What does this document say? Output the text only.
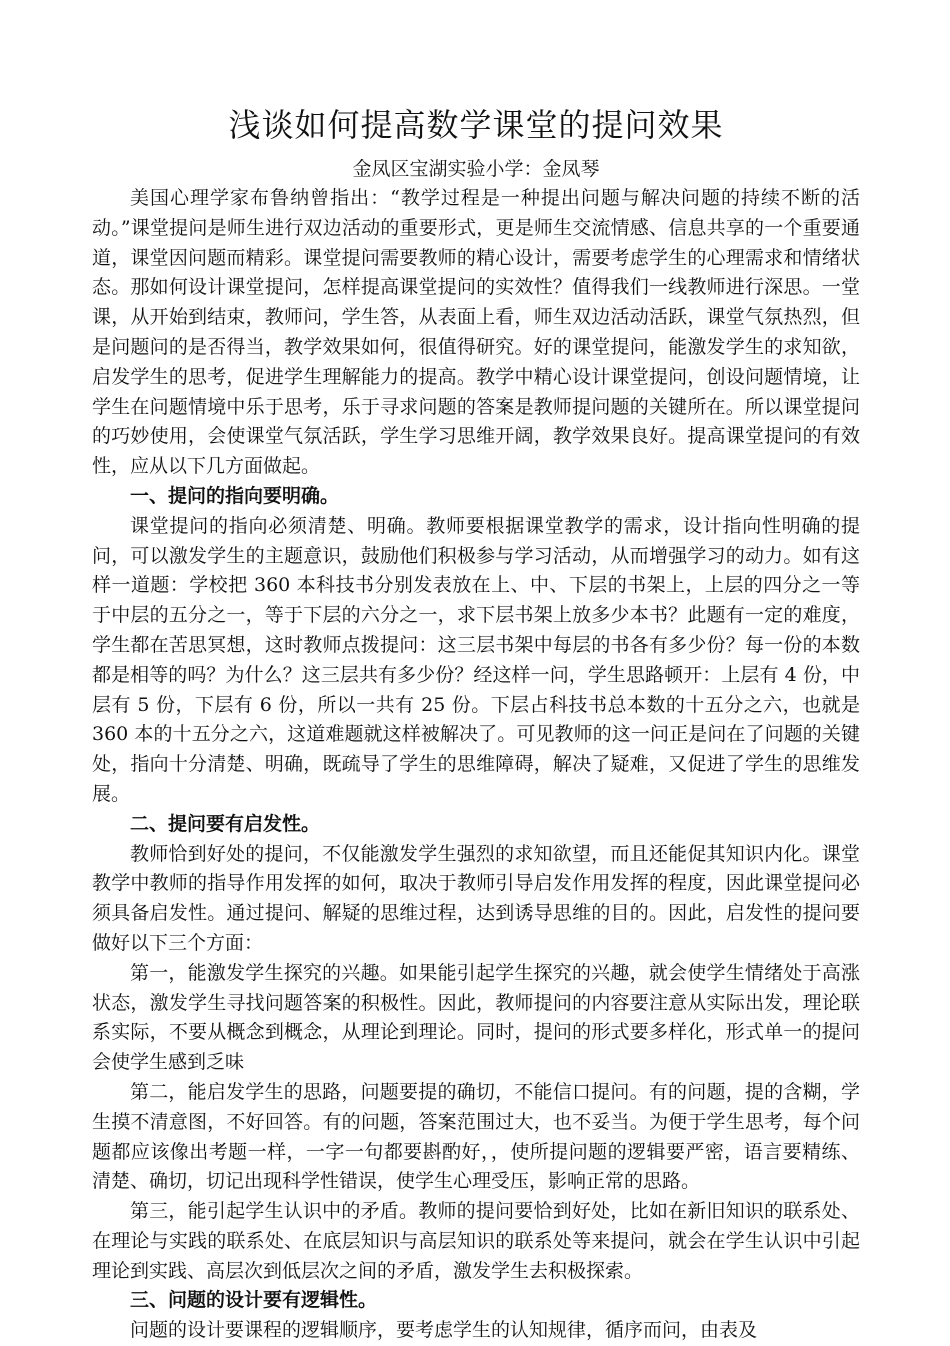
浅谈如何提高数学课堂的提问效果

金凤区宝湖实验小学：金凤琴

美国心理学家布鲁纳曾指出：“教学过程是一种提出问题与解决问题的持续不断的活动。”课堂提问是师生进行双边活动的重要形式，更是师生交流情感、信息共享的一个重要通道，课堂因问题而精彩。课堂提问需要教师的精心设计，需要考虑学生的心理需求和情绪状态。那如何设计课堂提问，怎样提高课堂提问的实效性？值得我们一线教师进行深思。一堂课，从开始到结束，教师问，学生答，从表面上看，师生双边活动活跃，课堂气氛热烈，但是问题问的是否得当，教学效果如何，很值得研究。好的课堂提问，能激发学生的求知欲，启发学生的思考，促进学生理解能力的提高。教学中精心设计课堂提问，创设问题情境，让学生在问题情境中乐于思考，乐于寻求问题的答案是教师提问题的关键所在。所以课堂提问的巧妙使用，会使课堂气氛活跃，学生学习思维开阔，教学效果良好。提高课堂提问的有效性，应从以下几方面做起。

一、提问的指向要明确。

课堂提问的指向必须清楚、明确。教师要根据课堂教学的需求，设计指向性明确的提问，可以激发学生的主题意识，鼓励他们积极参与学习活动，从而增强学习的动力。如有这样一道题：学校把 360 本科技书分别发表放在上、中、下层的书架上，上层的四分之一等于中层的五分之一，等于下层的六分之一，求下层书架上放多少本书？此题有一定的难度，学生都在苦思冥想，这时教师点拨提问：这三层书架中每层的书各有多少份？每一份的本数都是相等的吗？为什么？这三层共有多少份？经这样一问，学生思路顿开：上层有 4 份，中层有 5 份，下层有 6 份，所以一共有 25 份。下层占科技书总本数的十五分之六，也就是 360 本的十五分之六，这道难题就这样被解决了。可见教师的这一问正是问在了问题的关键处，指向十分清楚、明确，既疏导了学生的思维障碍，解决了疑难，又促进了学生的思维发展。

二、提问要有启发性。

教师恰到好处的提问，不仅能激发学生强烈的求知欲望，而且还能促其知识内化。课堂教学中教师的指导作用发挥的如何，取决于教师引导启发作用发挥的程度，因此课堂提问必须具备启发性。通过提问、解疑的思维过程，达到诱导思维的目的。因此，启发性的提问要做好以下三个方面：

第一，能激发学生探究的兴趣。如果能引起学生探究的兴趣，就会使学生情绪处于高涨状态，激发学生寻找问题答案的积极性。因此，教师提问的内容要注意从实际出发，理论联系实际，不要从概念到概念，从理论到理论。同时，提问的形式要多样化，形式单一的提问会使学生感到乏味

第二，能启发学生的思路，问题要提的确切，不能信口提问。有的问题，提的含糊，学生摸不清意图，不好回答。有的问题，答案范围过大，也不妥当。为便于学生思考，每个问题都应该像出考题一样，一字一句都要斟酌好，，使所提问题的逻辑要严密，语言要精练、清楚、确切，切记出现科学性错误，使学生心理受压，影响正常的思路。

第三，能引起学生认识中的矛盾。教师的提问要恰到好处，比如在新旧知识的联系处、在理论与实践的联系处、在底层知识与高层知识的联系处等来提问，就会在学生认识中引起理论到实践、高层次到低层次之间的矛盾，激发学生去积极探索。

三、问题的设计要有逻辑性。

问题的设计要课程的逻辑顺序，要考虑学生的认知规律，循序而问，由表及
